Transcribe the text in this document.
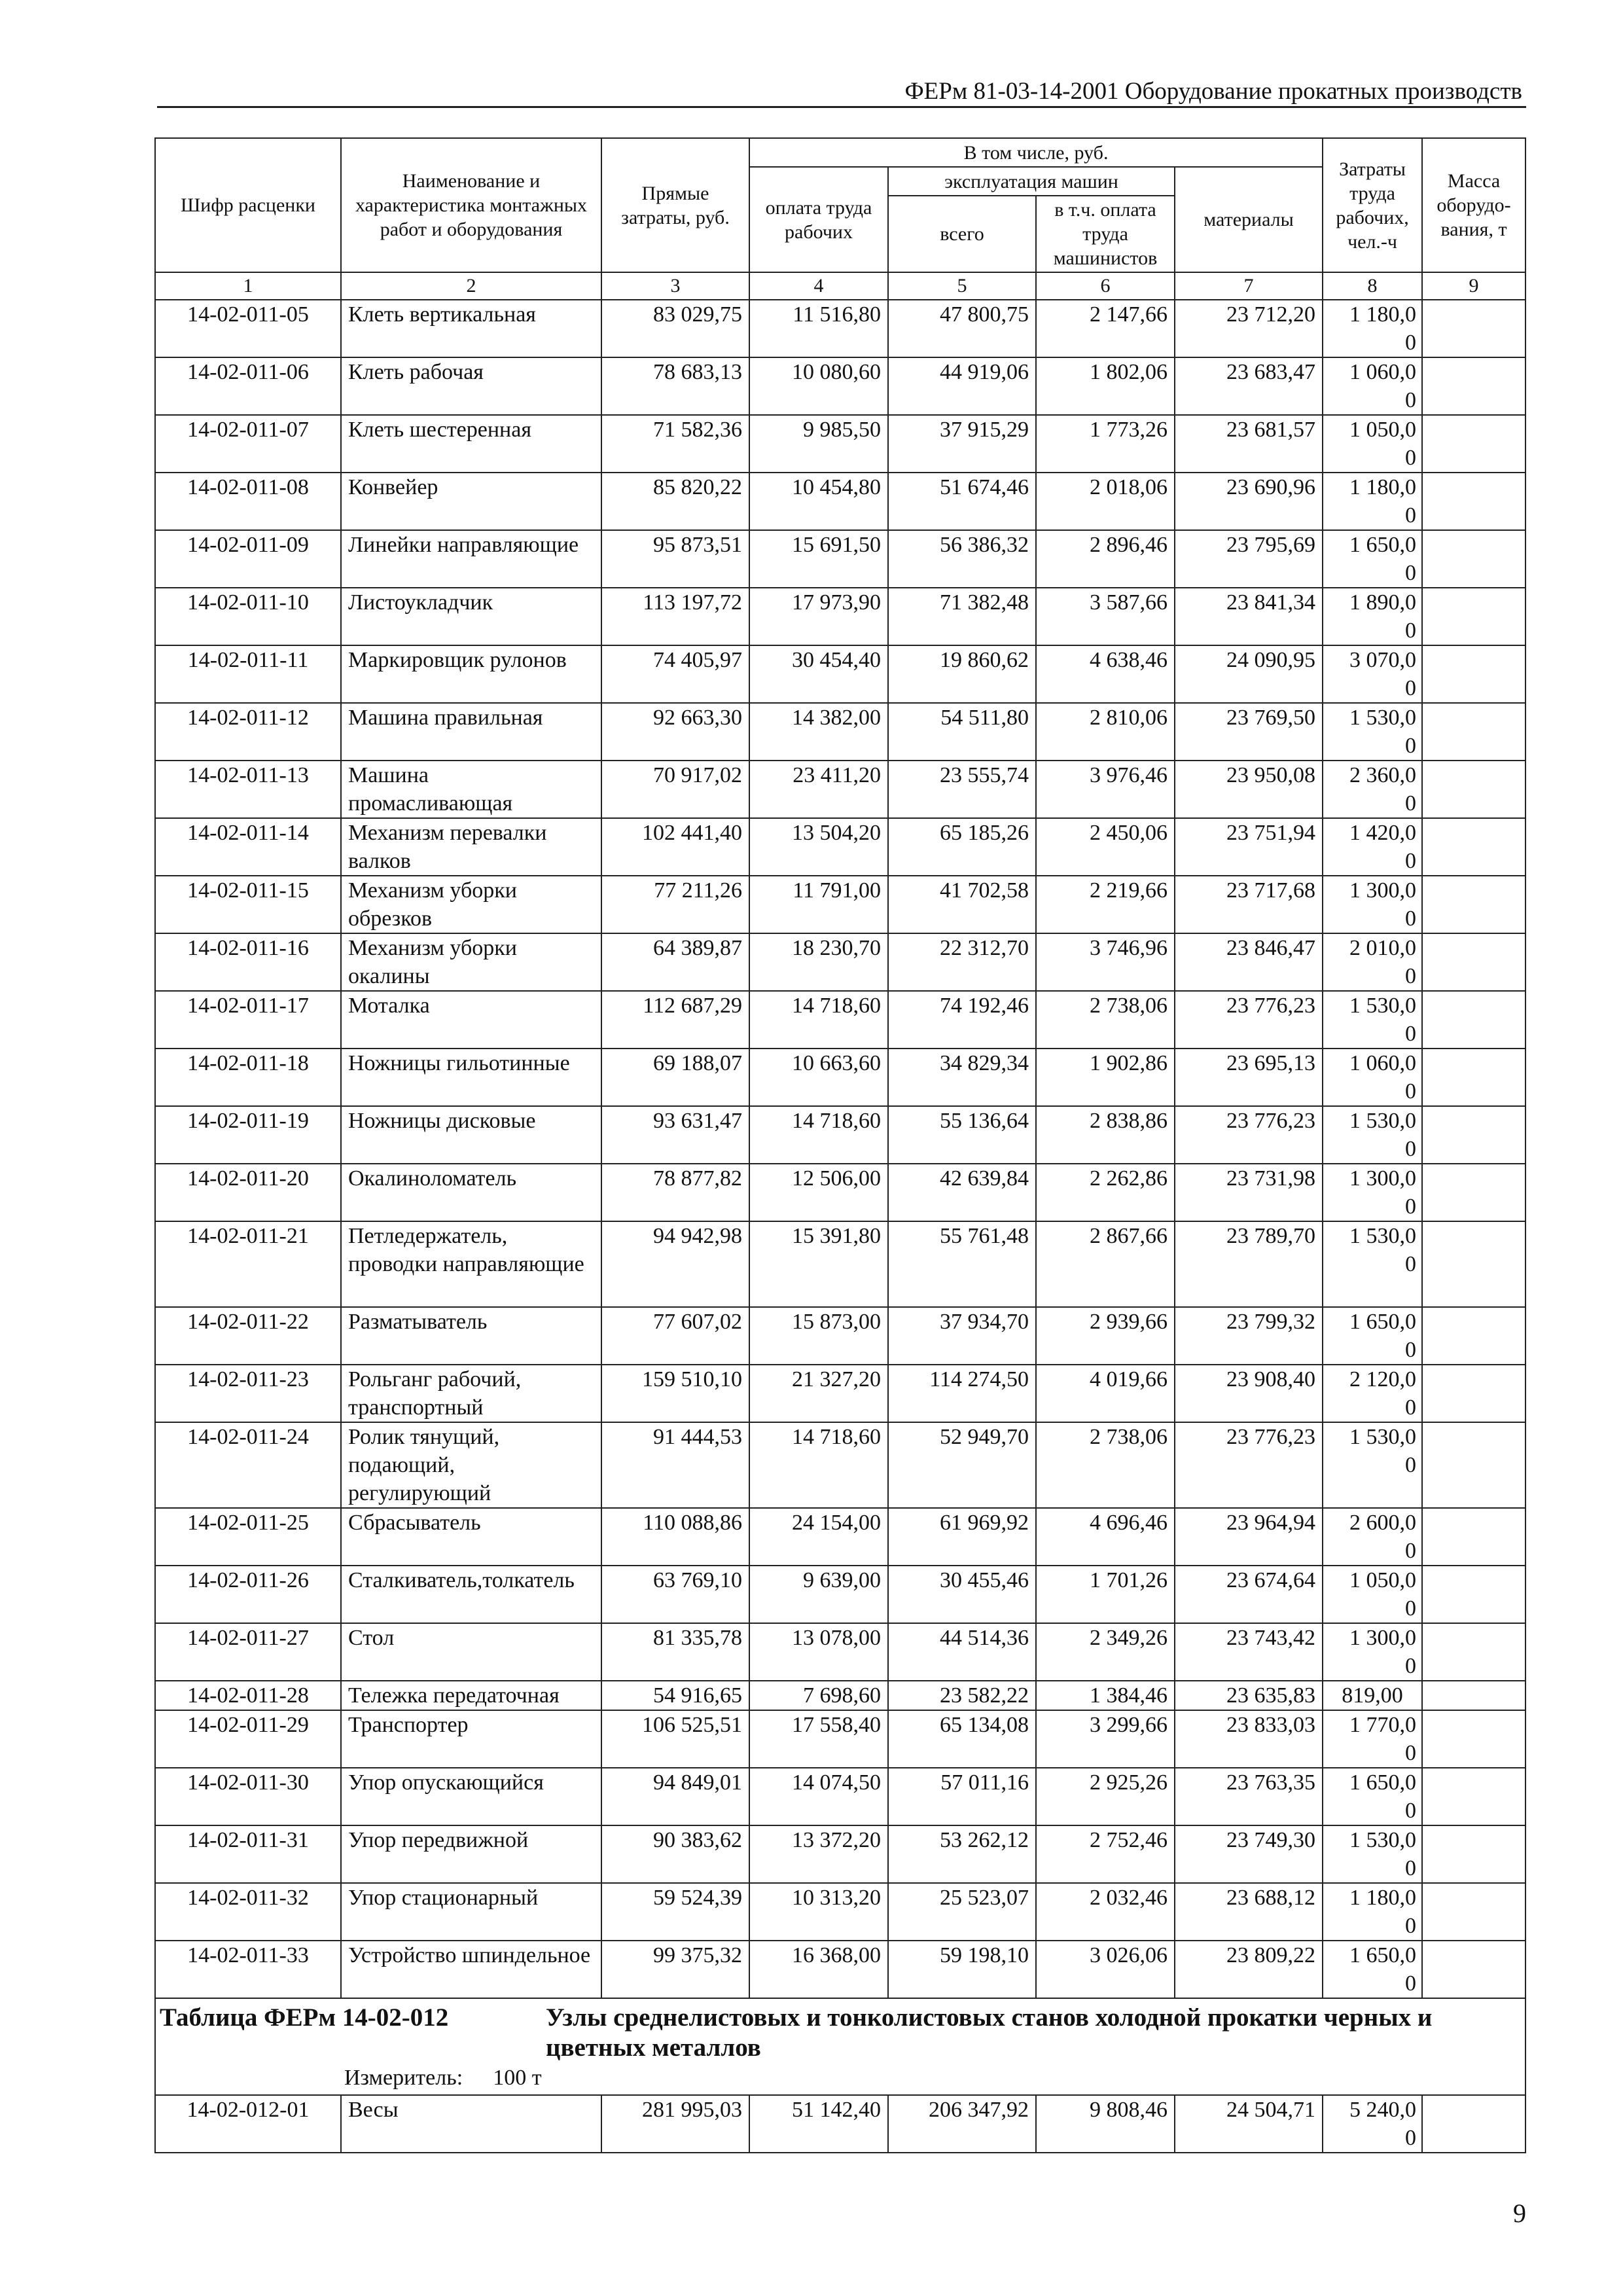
ФЕРм 81-03-14-2001 Оборудование прокатных производств
Шифр расценки	Наименование и характеристика монтажных работ и оборудования	Прямые затраты, руб.	В том числе, руб.				Затраты труда рабочих, чел.-ч	Масса оборудо-вания, т
			оплата труда рабочих	эксплуатация машин		материалы		
				всего	в т.ч. оплата труда машинистов			
1	2	3	4	5	6	7	8	9
14-02-011-05	Клеть вертикальная	83 029,75	11 516,80	47 800,75	2 147,66	23 712,20	1 180,0
0	

14-02-011-06	Клеть рабочая	78 683,13	10 080,60	44 919,06	1 802,06	23 683,47	1 060,0
0	

14-02-011-07	Клеть шестеренная	71 582,36	9 985,50	37 915,29	1 773,26	23 681,57	1 050,0
0	

14-02-011-08	Конвейер	85 820,22	10 454,80	51 674,46	2 018,06	23 690,96	1 180,0
0	

14-02-011-09	Линейки направляющие	95 873,51	15 691,50	56 386,32	2 896,46	23 795,69	1 650,0
0	

14-02-011-10	Листоукладчик	113 197,72	17 973,90	71 382,48	3 587,66	23 841,34	1 890,0
0	

14-02-011-11	Маркировщик рулонов	74 405,97	30 454,40	19 860,62	4 638,46	24 090,95	3 070,0
0	

14-02-011-12	Машина правильная	92 663,30	14 382,00	54 511,80	2 810,06	23 769,50	1 530,0
0	

14-02-011-13	Машина промасливающая	70 917,02	23 411,20	23 555,74	3 976,46	23 950,08	2 360,0
0	

14-02-011-14	Механизм перевалки валков	102 441,40	13 504,20	65 185,26	2 450,06	23 751,94	1 420,0
0	

14-02-011-15	Механизм уборки обрезков	77 211,26	11 791,00	41 702,58	2 219,66	23 717,68	1 300,0
0	

14-02-011-16	Механизм уборки окалины	64 389,87	18 230,70	22 312,70	3 746,96	23 846,47	2 010,0
0	

14-02-011-17	Моталка	112 687,29	14 718,60	74 192,46	2 738,06	23 776,23	1 530,0
0	

14-02-011-18	Ножницы гильотинные	69 188,07	10 663,60	34 829,34	1 902,86	23 695,13	1 060,0
0	

14-02-011-19	Ножницы дисковые	93 631,47	14 718,60	55 136,64	2 838,86	23 776,23	1 530,0
0	

14-02-011-20	Окалиноломатель	78 877,82	12 506,00	42 639,84	2 262,86	23 731,98	1 300,0
0	

14-02-011-21	Петледержатель, проводки направляющие	94 942,98	15 391,80	55 761,48	2 867,66	23 789,70	1 530,0
0	

14-02-011-22	Разматыватель	77 607,02	15 873,00	37 934,70	2 939,66	23 799,32	1 650,0
0	

14-02-011-23	Рольганг рабочий, транспортный	159 510,10	21 327,20	114 274,50	4 019,66	23 908,40	2 120,0
0	

14-02-011-24	Ролик тянущий, подающий, регулирующий	91 444,53	14 718,60	52 949,70	2 738,06	23 776,23	1 530,0
0	

14-02-011-25	Сбрасыватель	110 088,86	24 154,00	61 969,92	4 696,46	23 964,94	2 600,0
0	

14-02-011-26	Сталкиватель,толкатель	63 769,10	9 639,00	30 455,46	1 701,26	23 674,64	1 050,0
0	

14-02-011-27	Стол	81 335,78	13 078,00	44 514,36	2 349,26	23 743,42	1 300,0
0	

14-02-011-28	Тележка передаточная	54 916,65	7 698,60	23 582,22	1 384,46	23 635,83	819,00	

14-02-011-29	Транспортер	106 525,51	17 558,40	65 134,08	3 299,66	23 833,03	1 770,0
0	

14-02-011-30	Упор опускающийся	94 849,01	14 074,50	57 011,16	2 925,26	23 763,35	1 650,0
0	

14-02-011-31	Упор передвижной	90 383,62	13 372,20	53 262,12	2 752,46	23 749,30	1 530,0
0	

14-02-011-32	Упор стационарный	59 524,39	10 313,20	25 523,07	2 032,46	23 688,12	1 180,0
0	

14-02-011-33	Устройство шпиндельное	99 375,32	16 368,00	59 198,10	3 026,06	23 809,22	1 650,0
0	

Таблица ФЕРм 14-02-012 Узлы среднелистовых и тонколистовых станов холодной прокатки черных и цветных металлов
Измеритель: 100 т								

14-02-012-01	Весы	281 995,03	51 142,40	206 347,92	9 808,46	24 504,71	5 240,0
0	

9
